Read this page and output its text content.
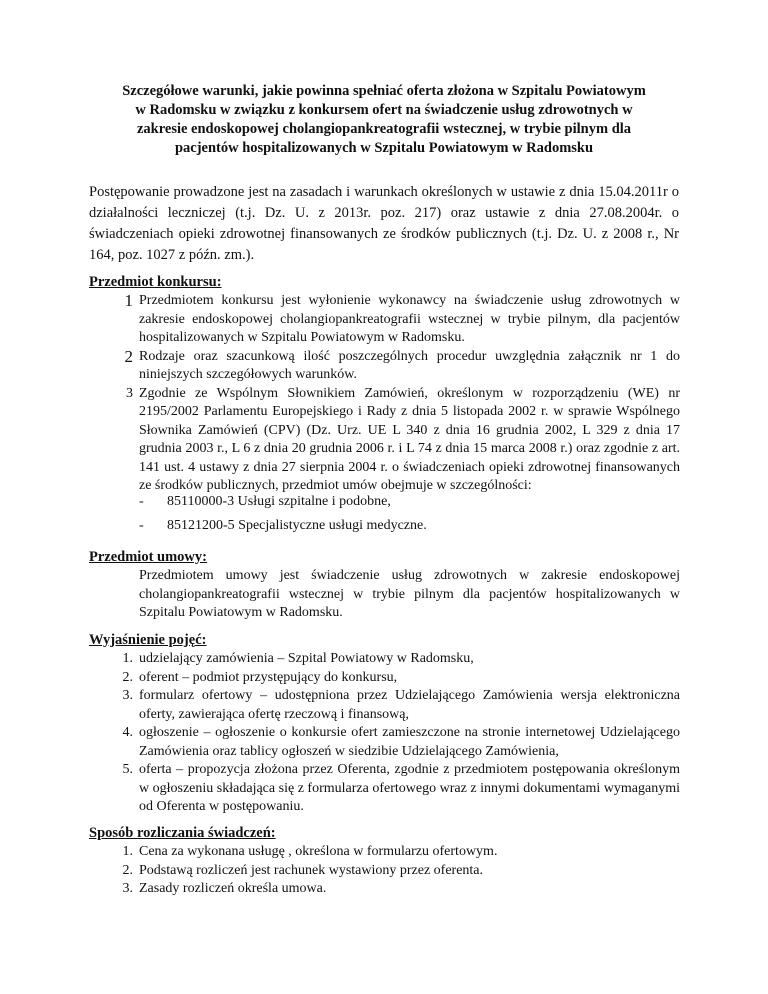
Szczegółowe warunki, jakie powinna spełniać oferta złożona w Szpitalu Powiatowym
w Radomsku w związku z konkursem ofert na świadczenie usług zdrowotnych w
zakresie endoskopowej cholangiopankreatografii wstecznej, w trybie pilnym dla
pacjentów hospitalizowanych w Szpitalu Powiatowym w Radomsku
Postępowanie prowadzone jest na zasadach i warunkach określonych w ustawie z dnia 15.04.2011r o działalności leczniczej (t.j. Dz. U. z 2013r. poz. 217) oraz ustawie z dnia 27.08.2004r. o świadczeniach opieki zdrowotnej finansowanych ze środków publicznych (t.j. Dz. U. z 2008 r., Nr 164, poz. 1027 z późn. zm.).
Przedmiot konkursu:
1 Przedmiotem konkursu jest wyłonienie wykonawcy na świadczenie usług zdrowotnych w zakresie endoskopowej cholangiopankreatografii wstecznej w trybie pilnym, dla pacjentów hospitalizowanych w Szpitalu Powiatowym w Radomsku.
2 Rodzaje oraz szacunkową ilość poszczególnych procedur uwzględnia załącznik nr 1 do niniejszych szczegółowych warunków.
3 Zgodnie ze Wspólnym Słownikiem Zamówień, określonym w rozporządzeniu (WE) nr 2195/2002 Parlamentu Europejskiego i Rady z dnia 5 listopada 2002 r. w sprawie Wspólnego Słownika Zamówień (CPV) (Dz. Urz. UE L 340 z dnia 16 grudnia 2002, L 329 z dnia 17 grudnia 2003 r., L 6 z dnia 20 grudnia 2006 r. i L 74 z dnia 15 marca 2008 r.) oraz zgodnie z art. 141 ust. 4 ustawy z dnia 27 sierpnia 2004 r. o świadczeniach opieki zdrowotnej finansowanych ze środków publicznych, przedmiot umów obejmuje w szczególności:
- 85110000-3 Usługi szpitalne i podobne,
- 85121200-5 Specjalistyczne usługi medyczne.
Przedmiot umowy:
Przedmiotem umowy jest świadczenie usług zdrowotnych w zakresie endoskopowej cholangiopankreatografii wstecznej w trybie pilnym dla pacjentów hospitalizowanych w Szpitalu Powiatowym w Radomsku.
Wyjaśnienie pojęć:
1. udzielający zamówienia – Szpital Powiatowy w Radomsku,
2. oferent – podmiot przystępujący do konkursu,
3. formularz ofertowy – udostępniona przez Udzielającego Zamówienia wersja elektroniczna oferty, zawierająca ofertę rzeczową i finansową,
4. ogłoszenie – ogłoszenie o konkursie ofert zamieszczone na stronie internetowej Udzielającego Zamówienia oraz tablicy ogłoszeń w siedzibie Udzielającego Zamówienia,
5. oferta – propozycja złożona przez Oferenta, zgodnie z przedmiotem postępowania określonym w ogłoszeniu składająca się z formularza ofertowego wraz z innymi dokumentami wymaganymi od Oferenta w postępowaniu.
Sposób rozliczania świadczeń:
1. Cena za wykonana usługę , określona w formularzu ofertowym.
2. Podstawą rozliczeń jest rachunek wystawiony przez oferenta.
3. Zasady rozliczeń określa umowa.
